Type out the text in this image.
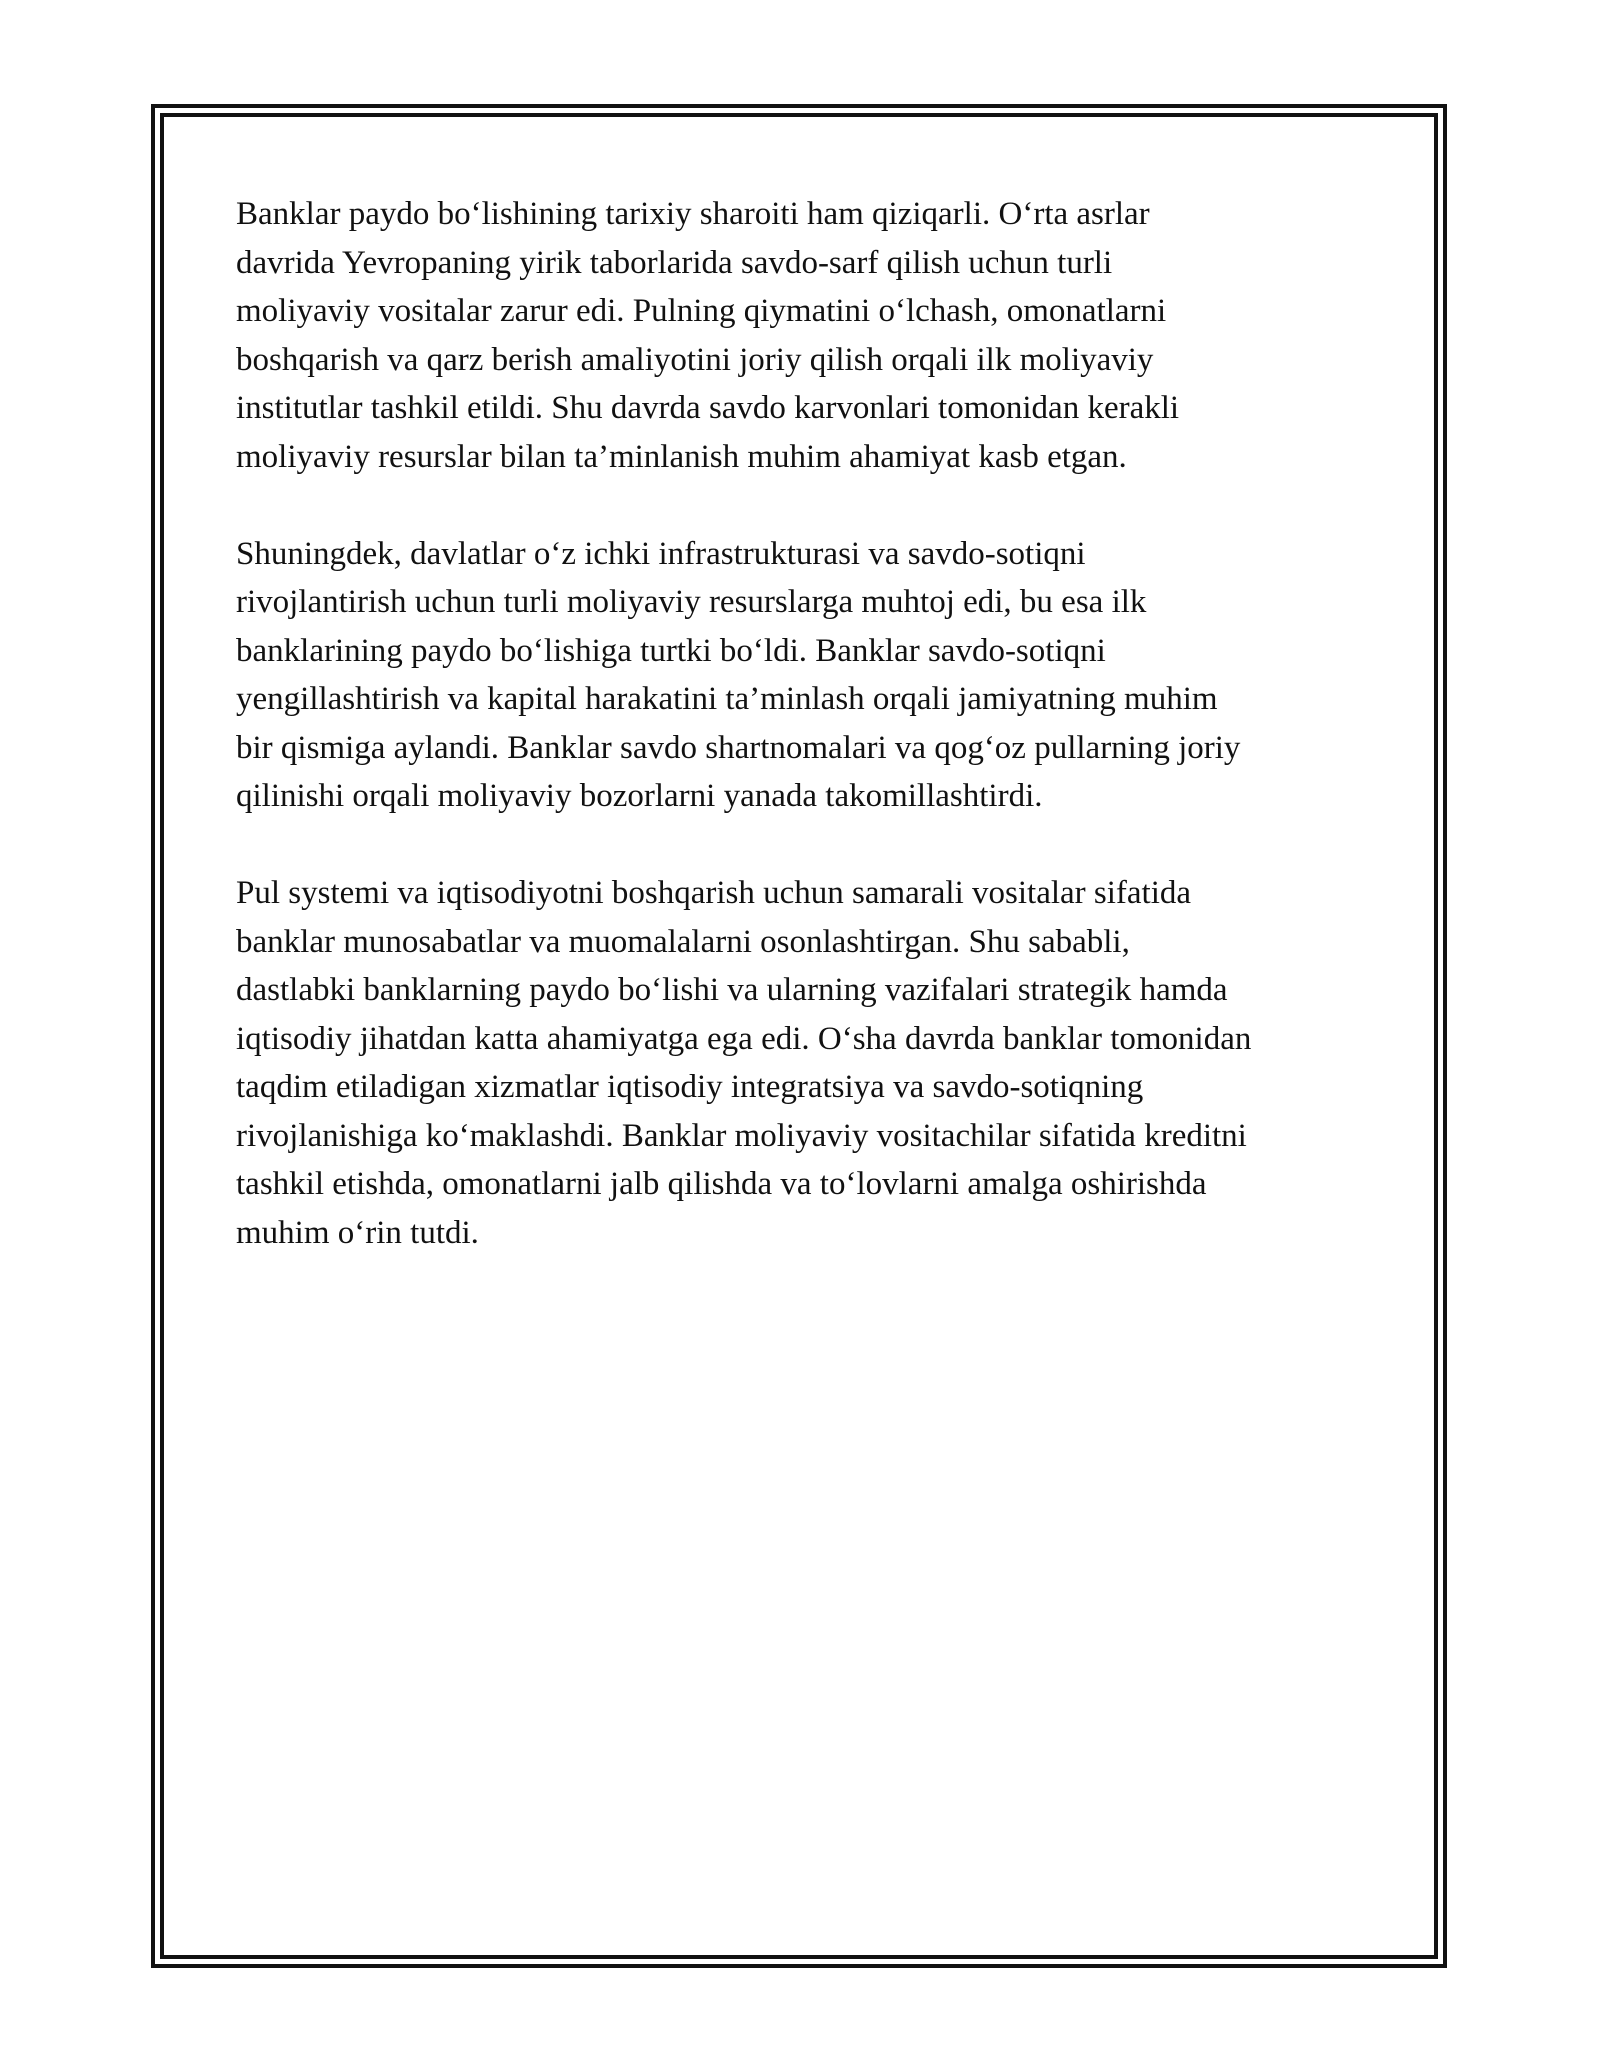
Banklar paydo bo‘lishining tarixiy sharoiti ham qiziqarli. O‘rta asrlar
davrida Yevropaning yirik taborlarida savdo-sarf qilish uchun turli
moliyaviy vositalar zarur edi. Pulning qiymatini o‘lchash, omonatlarni
boshqarish va qarz berish amaliyotini joriy qilish orqali ilk moliyaviy
institutlar tashkil etildi. Shu davrda savdo karvonlari tomonidan kerakli
moliyaviy resurslar bilan ta’minlanish muhim ahamiyat kasb etgan.

Shuningdek, davlatlar o‘z ichki infrastrukturasi va savdo-sotiqni
rivojlantirish uchun turli moliyaviy resurslarga muhtoj edi, bu esa ilk
banklarining paydo bo‘lishiga turtki bo‘ldi. Banklar savdo-sotiqni
yengillashtirish va kapital harakatini ta’minlash orqali jamiyatning muhim
bir qismiga aylandi. Banklar savdo shartnomalari va qog‘oz pullarning joriy
qilinishi orqali moliyaviy bozorlarni yanada takomillashtirdi.

Pul systemi va iqtisodiyotni boshqarish uchun samarali vositalar sifatida
banklar munosabatlar va muomalalarni osonlashtirgan. Shu sababli,
dastlabki banklarning paydo bo‘lishi va ularning vazifalari strategik hamda
iqtisodiy jihatdan katta ahamiyatga ega edi. O‘sha davrda banklar tomonidan
taqdim etiladigan xizmatlar iqtisodiy integratsiya va savdo-sotiqning
rivojlanishiga ko‘maklashdi. Banklar moliyaviy vositachilar sifatida kreditni
tashkil etishda, omonatlarni jalb qilishda va to‘lovlarni amalga oshirishda
muhim o‘rin tutdi.
